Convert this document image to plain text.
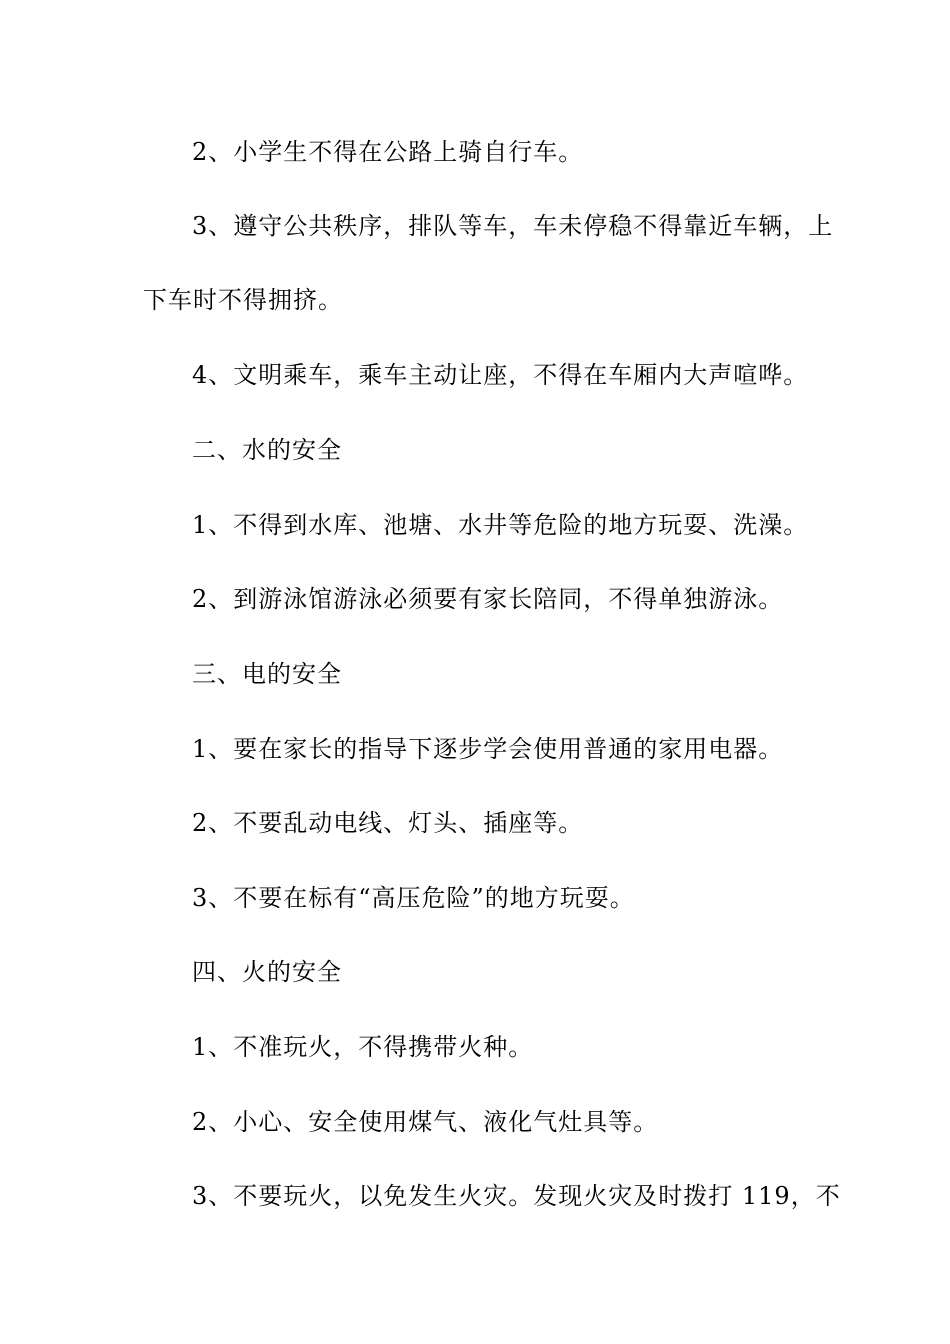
2、小学生不得在公路上骑自行车。
3、遵守公共秩序，排队等车，车未停稳不得靠近车辆，上
下车时不得拥挤。
4、文明乘车，乘车主动让座，不得在车厢内大声喧哗。
二、水的安全
1、不得到水库、池塘、水井等危险的地方玩耍、洗澡。
2、到游泳馆游泳必须要有家长陪同，不得单独游泳。
三、电的安全
1、要在家长的指导下逐步学会使用普通的家用电器。
2、不要乱动电线、灯头、插座等。
3、不要在标有“高压危险”的地方玩耍。
四、火的安全
1、不准玩火，不得携带火种。
2、小心、安全使用煤气、液化气灶具等。
3、不要玩火，以免发生火灾。发现火灾及时拨打 119，不
